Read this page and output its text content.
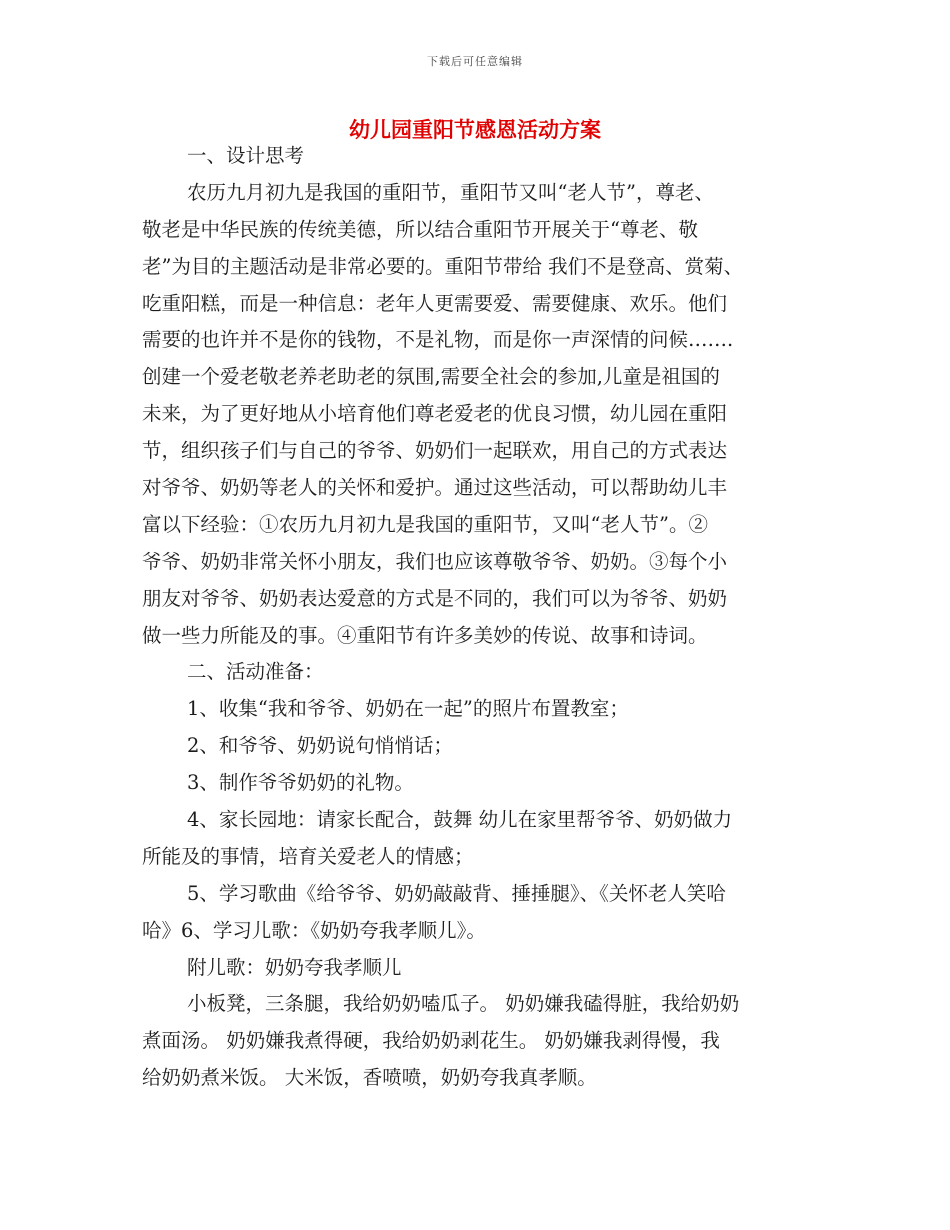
下载后可任意编辑
幼儿园重阳节感恩活动方案
一、设计思考
农历九月初九是我国的重阳节，重阳节又叫“老人节”，尊老、
敬老是中华民族的传统美德，所以结合重阳节开展关于“尊老、敬
老”为目的主题活动是非常必要的。重阳节带给 我们不是登高、赏菊、
吃重阳糕，而是一种信息：老年人更需要爱、需要健康、欢乐。他们
需要的也许并不是你的钱物，不是礼物，而是你一声深情的问候…….
创建一个爱老敬老养老助老的氛围,需要全社会的参加,儿童是祖国的
未来，为了更好地从小培育他们尊老爱老的优良习惯，幼儿园在重阳
节，组织孩子们与自己的爷爷、奶奶们一起联欢，用自己的方式表达
对爷爷、奶奶等老人的关怀和爱护。通过这些活动，可以帮助幼儿丰
富以下经验：①农历九月初九是我国的重阳节，又叫“老人节”。②
爷爷、奶奶非常关怀小朋友，我们也应该尊敬爷爷、奶奶。③每个小
朋友对爷爷、奶奶表达爱意的方式是不同的，我们可以为爷爷、奶奶
做一些力所能及的事。④重阳节有许多美妙的传说、故事和诗词。
二、活动准备：
1、收集“我和爷爷、奶奶在一起”的照片布置教室；
2、和爷爷、奶奶说句悄悄话；
3、制作爷爷奶奶的礼物。
4、家长园地：请家长配合，鼓舞 幼儿在家里帮爷爷、奶奶做力
所能及的事情，培育关爱老人的情感；
5、学习歌曲《给爷爷、奶奶敲敲背、捶捶腿》、《关怀老人笑哈
哈》6、学习儿歌：《奶奶夸我孝顺儿》。
附儿歌：奶奶夸我孝顺儿
小板凳，三条腿，我给奶奶嗑瓜子。 奶奶嫌我磕得脏，我给奶奶
煮面汤。 奶奶嫌我煮得硬，我给奶奶剥花生。 奶奶嫌我剥得慢，我
给奶奶煮米饭。 大米饭，香喷喷，奶奶夸我真孝顺。
